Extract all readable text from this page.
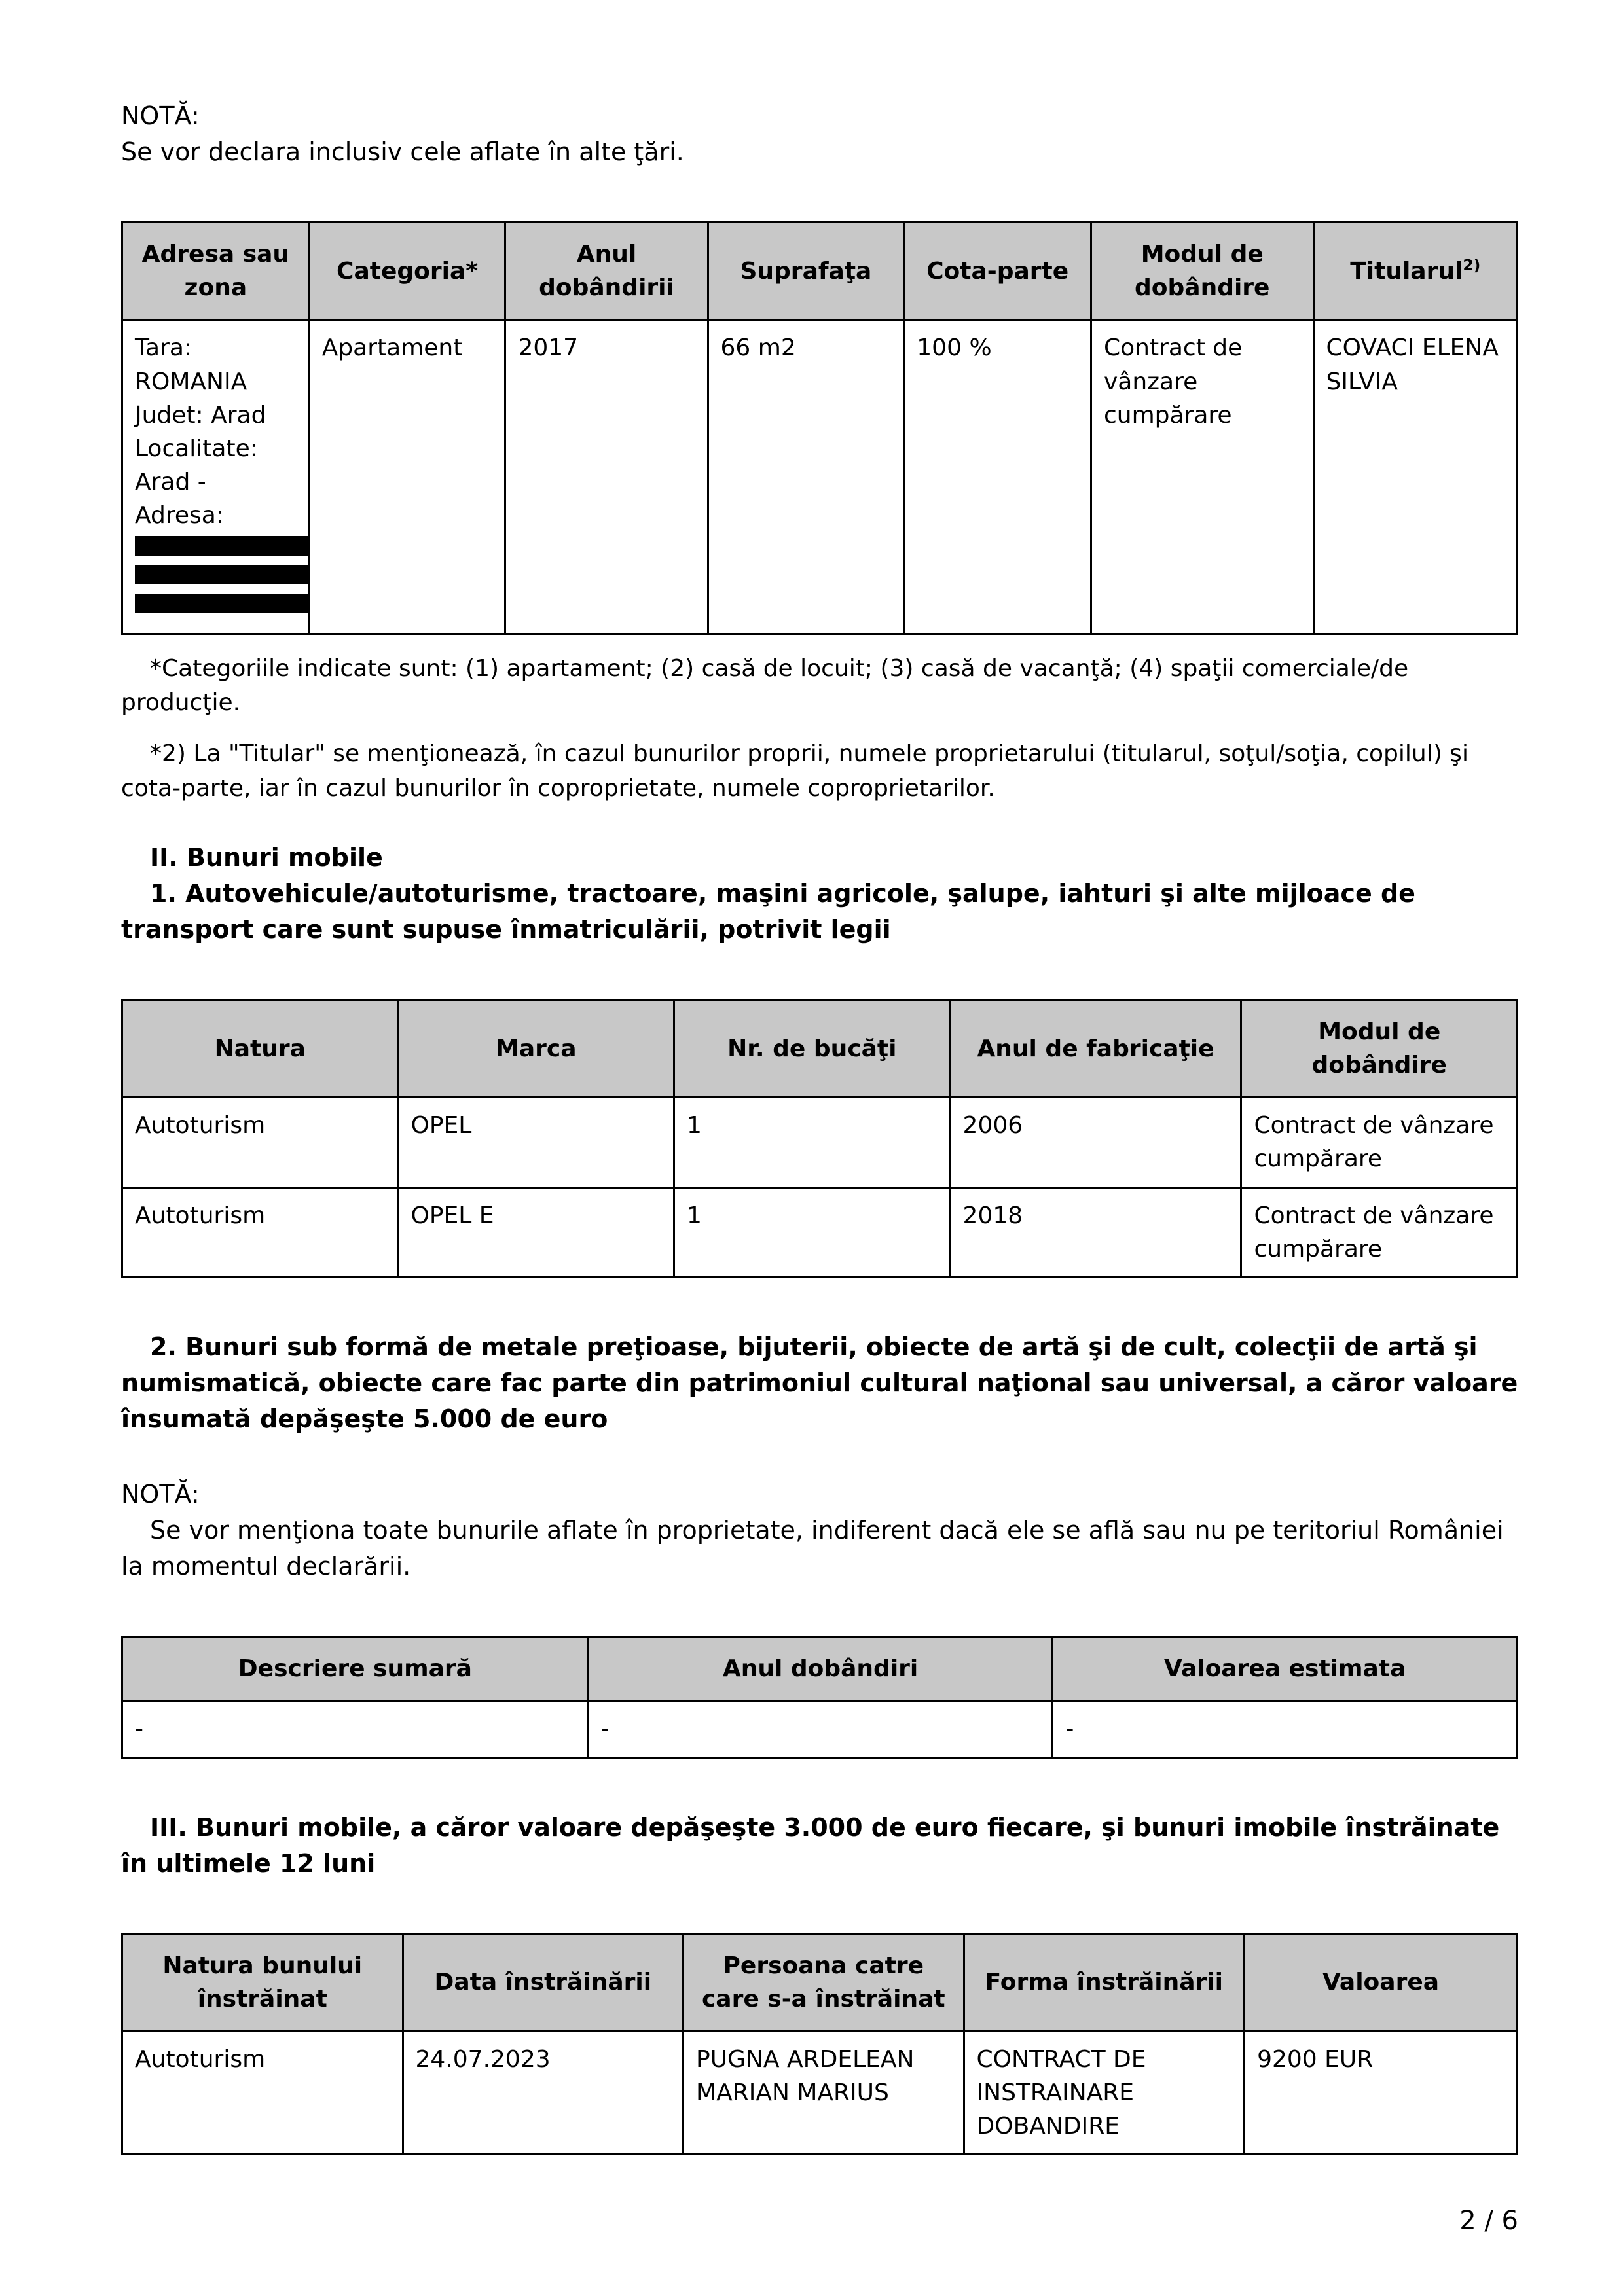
NOTĂ:
Se vor declara inclusiv cele aflate în alte ţări.
Adresa sau zona	Categoria*	Anul dobândirii	Suprafaţa	Cota-parte	Modul de dobândire	Titularul$^{2)}$

Tara: ROMANIA Judet: Arad Localitate: Arad - Adresa:	Apartament	2017	66 m2	100 %	Contract de vânzare cumpărare	COVACI ELENA SILVIA
*Categoriile indicate sunt: (1) apartament; (2) casă de locuit; (3) casă de vacanţă; (4) spaţii comerciale/de producţie.
*2) La "Titular" se menţionează, în cazul bunurilor proprii, numele proprietarului (titularul, soţul/soţia, copilul) şi cota-parte, iar în cazul bunurilor în coproprietate, numele coproprietarilor.
II. Bunuri mobile
1. Autovehicule/autoturisme, tractoare, maşini agricole, şalupe, iahturi şi alte mijloace de transport care sunt supuse înmatriculării, potrivit legii
Natura	Marca	Nr. de bucăţi	Anul de fabricaţie	Modul de dobândire
Autoturism	OPEL	1	2006	Contract de vânzare cumpărare
Autoturism	OPEL E	1	2018	Contract de vânzare cumpărare
2. Bunuri sub formă de metale preţioase, bijuterii, obiecte de artă şi de cult, colecţii de artă şi numismatică, obiecte care fac parte din patrimoniul cultural naţional sau universal, a căror valoare însumată depăşeşte 5.000 de euro
NOTĂ:
Se vor menţiona toate bunurile aflate în proprietate, indiferent dacă ele se află sau nu pe teritoriul României la momentul declarării.
Descriere sumară	Anul dobândiri	Valoarea estimata
-	-	-
III. Bunuri mobile, a căror valoare depăşeşte 3.000 de euro fiecare, şi bunuri imobile înstrăinate în ultimele 12 luni
Natura bunului înstrăinat	Data înstrăinării	Persoana catre care s-a înstrăinat	Forma înstrăinării	Valoarea
Autoturism	24.07.2023	PUGNA ARDELEAN MARIAN MARIUS	CONTRACT DE INSTRAINARE DOBANDIRE	9200 EUR
2 / 6
